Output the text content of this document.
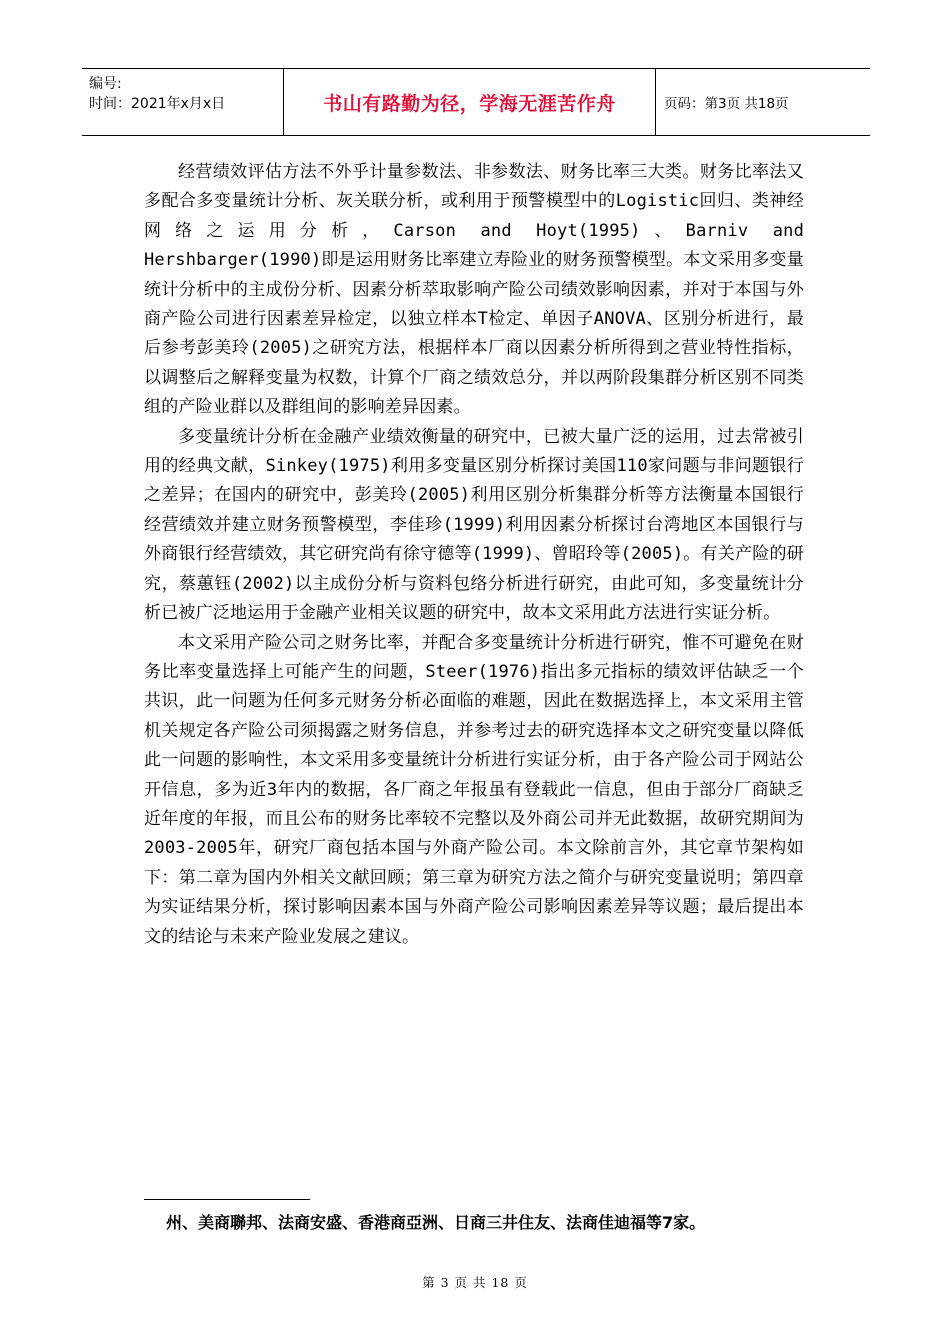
编号:
时间：2021年x月x日	书山有路勤为径，学海无涯苦作舟	页码：第3页 共18页

经营绩效评估方法不外乎计量参数法、非参数法、财务比率三大类。财务比率法又多配合多变量统计分析、灰关联分析，或利用于预警模型中的Logistic回归、类神经网络之运用分析，Carson and Hoyt(1995)、Barniv and Hershbarger(1990)即是运用财务比率建立寿险业的财务预警模型。本文采用多变量统计分析中的主成份分析、因素分析萃取影响产险公司绩效影响因素，并对于本国与外商产险公司进行因素差异检定，以独立样本T检定、单因子ANOVA、区别分析进行，最后参考彭美玲(2005)之研究方法，根据样本厂商以因素分析所得到之营业特性指标，以调整后之解释变量为权数，计算个厂商之绩效总分，并以两阶段集群分析区别不同类组的产险业群以及群组间的影响差异因素。

多变量统计分析在金融产业绩效衡量的研究中，已被大量广泛的运用，过去常被引用的经典文献，Sinkey(1975)利用多变量区别分析探讨美国110家问题与非问题银行之差异；在国内的研究中，彭美玲(2005)利用区别分析集群分析等方法衡量本国银行经营绩效并建立财务预警模型，李佳珍(1999)利用因素分析探讨台湾地区本国银行与外商银行经营绩效，其它研究尚有徐守德等(1999)、曾昭玲等(2005)。有关产险的研究，蔡蕙钰(2002)以主成份分析与资料包络分析进行研究，由此可知，多变量统计分析已被广泛地运用于金融产业相关议题的研究中，故本文采用此方法进行实证分析。

本文采用产险公司之财务比率，并配合多变量统计分析进行研究，惟不可避免在财务比率变量选择上可能产生的问题，Steer(1976)指出多元指标的绩效评估缺乏一个共识，此一问题为任何多元财务分析必面临的难题，因此在数据选择上，本文采用主管机关规定各产险公司须揭露之财务信息，并参考过去的研究选择本文之研究变量以降低此一问题的影响性，本文采用多变量统计分析进行实证分析，由于各产险公司于网站公开信息，多为近3年内的数据，各厂商之年报虽有登载此一信息，但由于部分厂商缺乏近年度的年报，而且公布的财务比率较不完整以及外商公司并无此数据，故研究期间为2003-2005年，研究厂商包括本国与外商产险公司。本文除前言外，其它章节架构如下：第二章为国内外相关文献回顾；第三章为研究方法之简介与研究变量说明；第四章为实证结果分析，探讨影响因素本国与外商产险公司影响因素差异等议题；最后提出本文的结论与未来产险业发展之建议。

州、美商聯邦、法商安盛、香港商亞洲、日商三井住友、法商佳迪福等7家。
第 3 页 共 18 页
